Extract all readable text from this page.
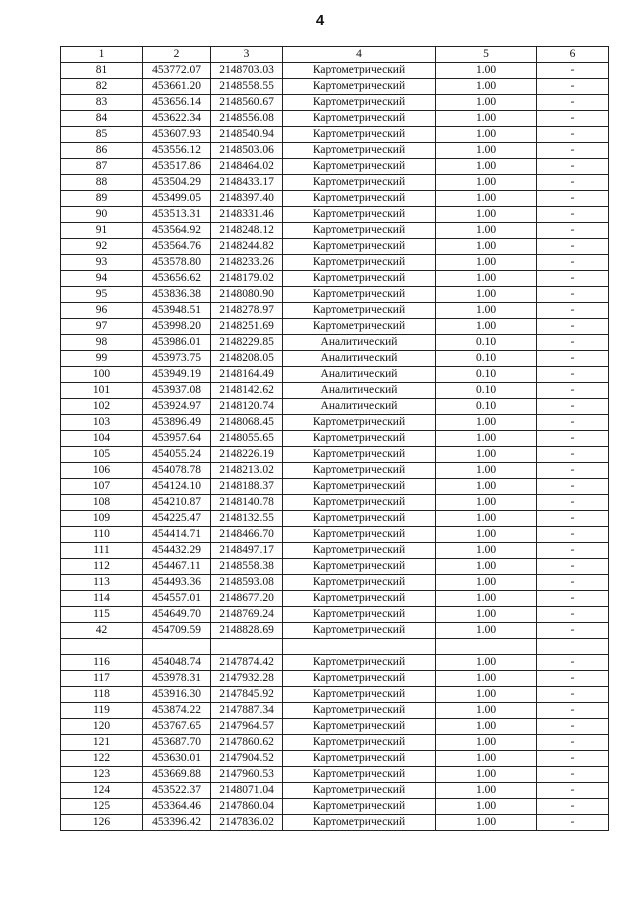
4
1	2	3	4	5	6
81	453772.07	2148703.03	Картометрический	1.00	-
82	453661.20	2148558.55	Картометрический	1.00	-
83	453656.14	2148560.67	Картометрический	1.00	-
84	453622.34	2148556.08	Картометрический	1.00	-
85	453607.93	2148540.94	Картометрический	1.00	-
86	453556.12	2148503.06	Картометрический	1.00	-
87	453517.86	2148464.02	Картометрический	1.00	-
88	453504.29	2148433.17	Картометрический	1.00	-
89	453499.05	2148397.40	Картометрический	1.00	-
90	453513.31	2148331.46	Картометрический	1.00	-
91	453564.92	2148248.12	Картометрический	1.00	-
92	453564.76	2148244.82	Картометрический	1.00	-
93	453578.80	2148233.26	Картометрический	1.00	-
94	453656.62	2148179.02	Картометрический	1.00	-
95	453836.38	2148080.90	Картометрический	1.00	-
96	453948.51	2148278.97	Картометрический	1.00	-
97	453998.20	2148251.69	Картометрический	1.00	-
98	453986.01	2148229.85	Аналитический	0.10	-
99	453973.75	2148208.05	Аналитический	0.10	-
100	453949.19	2148164.49	Аналитический	0.10	-
101	453937.08	2148142.62	Аналитический	0.10	-
102	453924.97	2148120.74	Аналитический	0.10	-
103	453896.49	2148068.45	Картометрический	1.00	-
104	453957.64	2148055.65	Картометрический	1.00	-
105	454055.24	2148226.19	Картометрический	1.00	-
106	454078.78	2148213.02	Картометрический	1.00	-
107	454124.10	2148188.37	Картометрический	1.00	-
108	454210.87	2148140.78	Картометрический	1.00	-
109	454225.47	2148132.55	Картометрический	1.00	-
110	454414.71	2148466.70	Картометрический	1.00	-
111	454432.29	2148497.17	Картометрический	1.00	-
112	454467.11	2148558.38	Картометрический	1.00	-
113	454493.36	2148593.08	Картометрический	1.00	-
114	454557.01	2148677.20	Картометрический	1.00	-
115	454649.70	2148769.24	Картометрический	1.00	-
42	454709.59	2148828.69	Картометрический	1.00	-

116	454048.74	2147874.42	Картометрический	1.00	-
117	453978.31	2147932.28	Картометрический	1.00	-
118	453916.30	2147845.92	Картометрический	1.00	-
119	453874.22	2147887.34	Картометрический	1.00	-
120	453767.65	2147964.57	Картометрический	1.00	-
121	453687.70	2147860.62	Картометрический	1.00	-
122	453630.01	2147904.52	Картометрический	1.00	-
123	453669.88	2147960.53	Картометрический	1.00	-
124	453522.37	2148071.04	Картометрический	1.00	-
125	453364.46	2147860.04	Картометрический	1.00	-
126	453396.42	2147836.02	Картометрический	1.00	-
